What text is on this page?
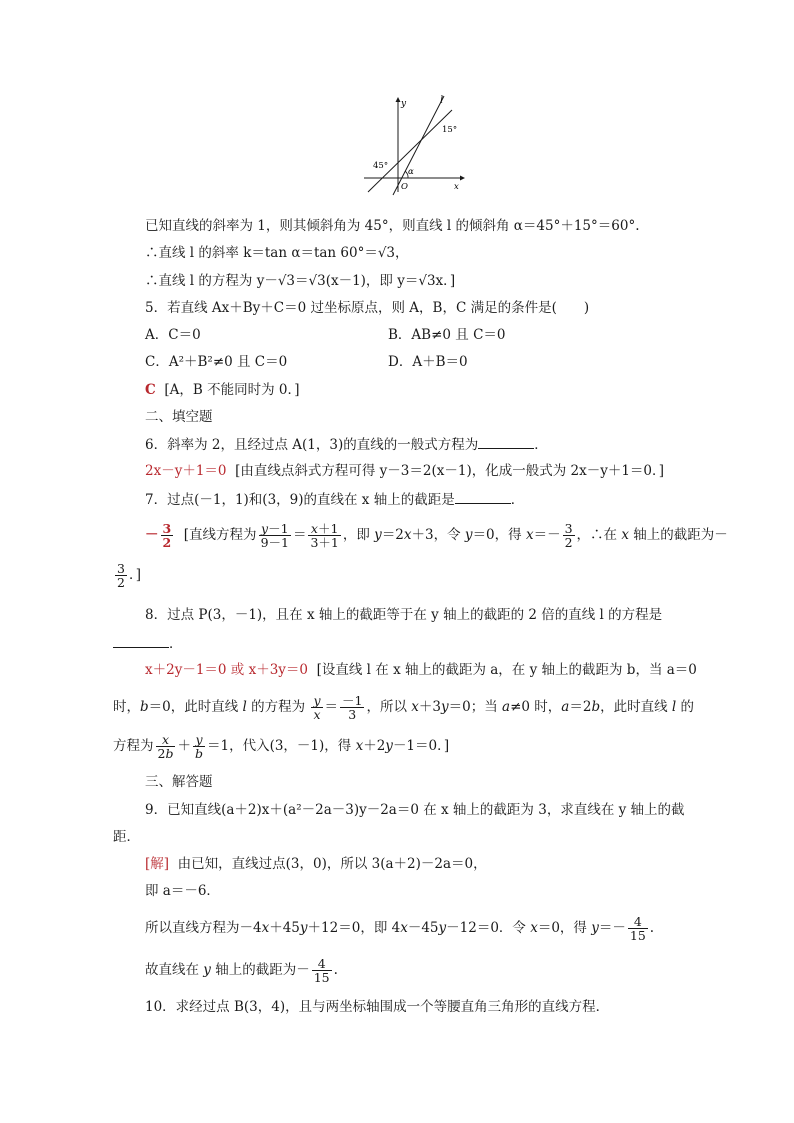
y	l
15°
45°
α
O	x
已知直线的斜率为 1，则其倾斜角为 45°，则直线 l 的倾斜角 α＝45°＋15°＝60°.
∴直线 l 的斜率 k＝tan α＝tan 60°＝√3，
∴直线 l 的方程为 y－√3＝√3(x－1)，即 y＝√3x．]
5．若直线 Ax＋By＋C＝0 过坐标原点，则 A，B，C 满足的条件是(　　)
A．C＝0	B．AB≠0 且 C＝0
C．A²＋B²≠0 且 C＝0	D．A＋B＝0
C [A，B 不能同时为 0．]
二、填空题
6．斜率为 2，且经过点 A(1，3)的直线的一般式方程为	．
2x－y＋1＝0 [由直线点斜式方程可得 y－3＝2(x－1)，化成一般式为 2x－y＋1＝0．]
7．过点(－1，1)和(3，9)的直线在 x 轴上的截距是	．
－ $\frac{3}{2}$ [直线方程为 $\frac{y-1}{9-1} = \frac{x+1}{3+1}$ ，即 y＝2x＋3，令 y＝0，得 $x=- \frac{3}{2}$ ，∴在 x 轴上的截距为－
$\frac{3}{2}$ ．]
8．过点 P(3，－1)，且在 x 轴上的截距等于在 y 轴上的截距的 2 倍的直线 l 的方程是
．
x＋2y－1＝0 或 x＋3y＝0 [设直线 l 在 x 轴上的截距为 a，在 y 轴上的截距为 b，当 a＝0
时，b＝0，此时直线 l 的方程为 $\frac{y}{x} = \frac{-1}{3}$ ，所以 x＋3y＝0；当 a≠0 时，a＝2b，此时直线 l 的
方程为 $\frac{x}{2b} + \frac{y}{b} =1$，代入(3，－1)，得 x＋2y－1＝0．]
三、解答题
9．已知直线(a＋2)x＋(a²－2a－3)y－2a＝0 在 x 轴上的截距为 3，求直线在 y 轴上的截
距．
[解] 由已知，直线过点(3，0)，所以 3(a＋2)－2a＝0，
即 a＝－6．
所以直线方程为－4x＋45y＋12＝0，即 4x－45y－12＝0．令 x＝0，得 $y=- \frac{4}{15}$ .
故直线在 y 轴上的截距为－ $\frac{4}{15}$ .
10．求经过点 B(3，4)，且与两坐标轴围成一个等腰直角三角形的直线方程．
